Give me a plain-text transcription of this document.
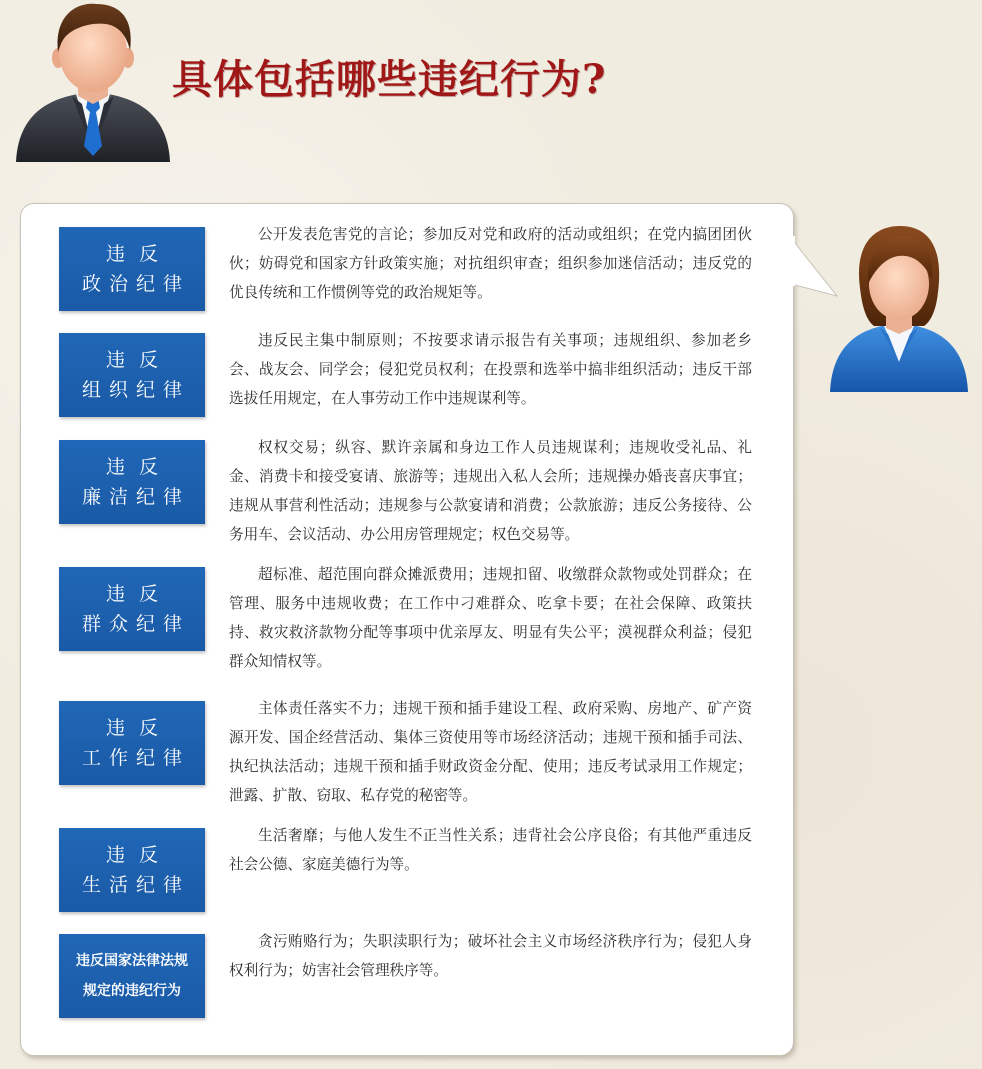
具体包括哪些违纪行为?
违反
政治纪律

公开发表危害党的言论；参加反对党和政府的活动或组织；在党内搞团团伙伙；妨碍党和国家方针政策实施；对抗组织审查；组织参加迷信活动；违反党的优良传统和工作惯例等党的政治规矩等。

违反
组织纪律

违反民主集中制原则；不按要求请示报告有关事项；违规组织、参加老乡会、战友会、同学会；侵犯党员权利；在投票和选举中搞非组织活动；违反干部选拔任用规定，在人事劳动工作中违规谋利等。

违反
廉洁纪律

权权交易；纵容、默许亲属和身边工作人员违规谋利；违规收受礼品、礼金、消费卡和接受宴请、旅游等；违规出入私人会所；违规操办婚丧喜庆事宜；违规从事营利性活动；违规参与公款宴请和消费；公款旅游；违反公务接待、公务用车、会议活动、办公用房管理规定；权色交易等。

违反
群众纪律

超标准、超范围向群众摊派费用；违规扣留、收缴群众款物或处罚群众；在管理、服务中违规收费；在工作中刁难群众、吃拿卡要；在社会保障、政策扶持、救灾救济款物分配等事项中优亲厚友、明显有失公平；漠视群众利益；侵犯群众知情权等。

违反
工作纪律

主体责任落实不力；违规干预和插手建设工程、政府采购、房地产、矿产资源开发、国企经营活动、集体三资使用等市场经济活动；违规干预和插手司法、执纪执法活动；违规干预和插手财政资金分配、使用；违反考试录用工作规定；泄露、扩散、窃取、私存党的秘密等。

违反
生活纪律

生活奢靡；与他人发生不正当性关系；违背社会公序良俗；有其他严重违反社会公德、家庭美德行为等。

违反国家法律法规
规定的违纪行为

贪污贿赂行为；失职渎职行为；破坏社会主义市场经济秩序行为；侵犯人身权利行为；妨害社会管理秩序等。
